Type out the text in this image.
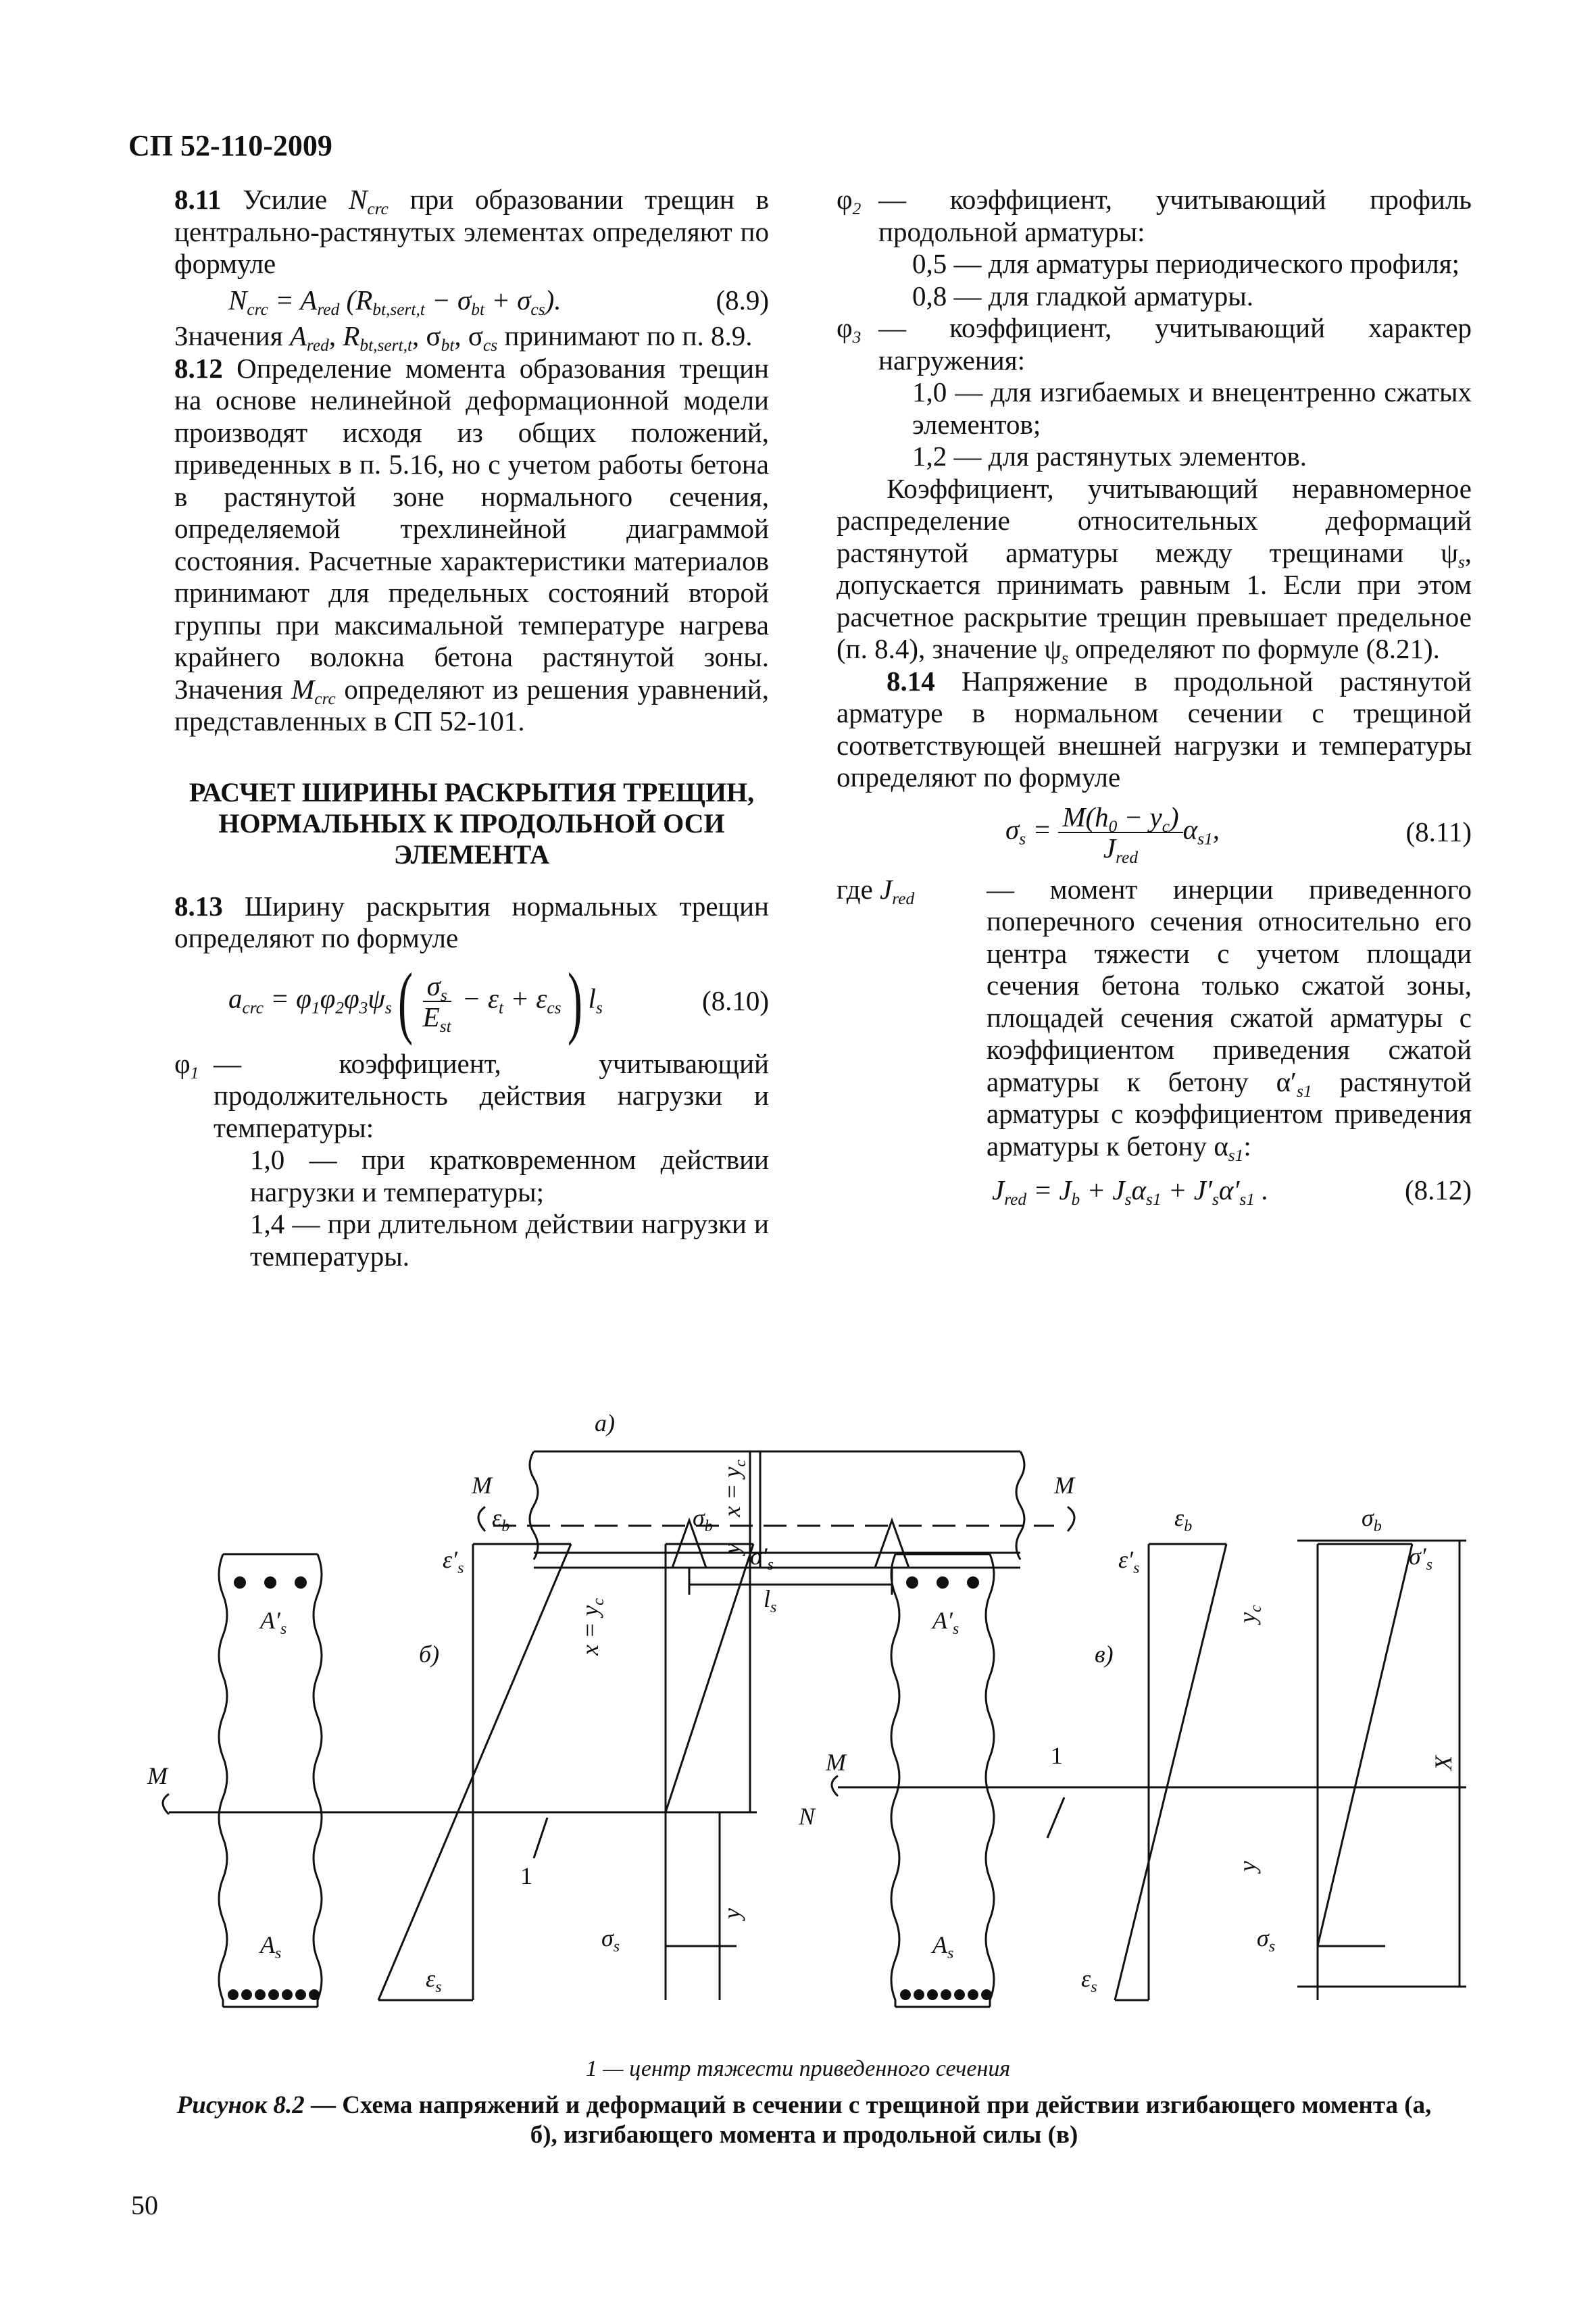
СП 52-110-2009

8.11 Усилие $N_{crc}$ при образовании трещин в центрально-растянутых элементах определяют по формуле

$N_{crc} = A_{red}$ $(R_{bt,sert,t} - \sigma_{bt} + \sigma_{cs})$.	(8.9)

Значения $A_{red}$, $R_{bt,sert,t}$, $\sigma_{bt}$, $\sigma_{cs}$ принимают по п. 8.9.

8.12 Определение момента образования трещин на основе нелинейной деформационной модели производят исходя из общих положений, приведенных в п. 5.16, но с учетом работы бетона в растянутой зоне нормального сечения, определяемой трехлинейной диаграммой состояния. Расчетные характеристики материалов принимают для предельных состояний второй группы при максимальной температуре нагрева крайнего волокна бетона растянутой зоны. Значения $M_{crc}$ определяют из решения уравнений, представленных в СП 52-101.

РАСЧЕТ ШИРИНЫ РАСКРЫТИЯ ТРЕЩИН, НОРМАЛЬНЫХ К ПРОДОЛЬНОЙ ОСИ ЭЛЕМЕНТА

8.13 Ширину раскрытия нормальных трещин определяют по формуле

$a_{crc} = \varphi_1\varphi_2\varphi_3\psi_s( \frac{\sigma_s}{E_{st}} - \varepsilon_t + \varepsilon_{cs})$ $l_s$	(8.10)
$\varphi_1$ — коэффициент, учитывающий продолжительность действия нагрузки и температуры:
1,0 — при кратковременном действии нагрузки и температуры;
1,4 — при длительном действии нагрузки и температуры.
$\varphi_2$ — коэффициент, учитывающий профиль продольной арматуры:
0,5 — для арматуры периодического профиля;
0,8 — для гладкой арматуры.
$\varphi_3$ — коэффициент, учитывающий характер нагружения:
1,0 — для изгибаемых и внецентренно сжатых элементов;
1,2 — для растянутых элементов.

Коэффициент, учитывающий неравномерное распределение относительных деформаций растянутой арматуры между трещинами $\psi_s$, допускается принимать равным 1. Если при этом расчетное раскрытие трещин превышает предельное (п. 8.4), значение $\psi_s$ определяют по формуле (8.21).

8.14 Напряжение в продольной растянутой арматуре в нормальном сечении с трещиной соответствующей внешней нагрузки и температуры определяют по формуле

$\sigma_s = \frac{M(h_0 - y_c)}{J_{red}} \alpha_{s1}$,	(8.11)
где $J_{red}$	— момент инерции приведенного поперечного сечения относительно его центра тяжести с учетом площади сечения бетона только сжатой зоны, площадей сечения сжатой арматуры с коэффициентом приведения сжатой арматуры к бетону $\alpha'_{s1}$ растянутой арматуры с коэффициентом приведения арматуры к бетону $\alpha_{s1}$:
$J_{red} = J_b + J_s\alpha_{s1} + J'_s\alpha'_{s1}$ .	(8.12)
а)
б)	в)
M	M
$l_s$
M
$A'_s$
$A_s$
$\varepsilon_b$
$\varepsilon'_s$
$\varepsilon_s$
$\sigma_b$
$\sigma'_s$
$\sigma_s$
1
1
M
N
$A'_s$
$A_s$
$\varepsilon_b$
$\varepsilon'_s$
$\varepsilon_s$
$\sigma_b$
$\sigma'_s$
$\sigma_s$
$y_c$
y
X
$x = y_c$
y
$x = y_c$
y
1 — центр тяжести приведенного сечения
Рисунок 8.2 — Схема напряжений и деформаций в сечении с трещиной при действии изгибающего момента (а, б), изгибающего момента и продольной силы (в)
50
